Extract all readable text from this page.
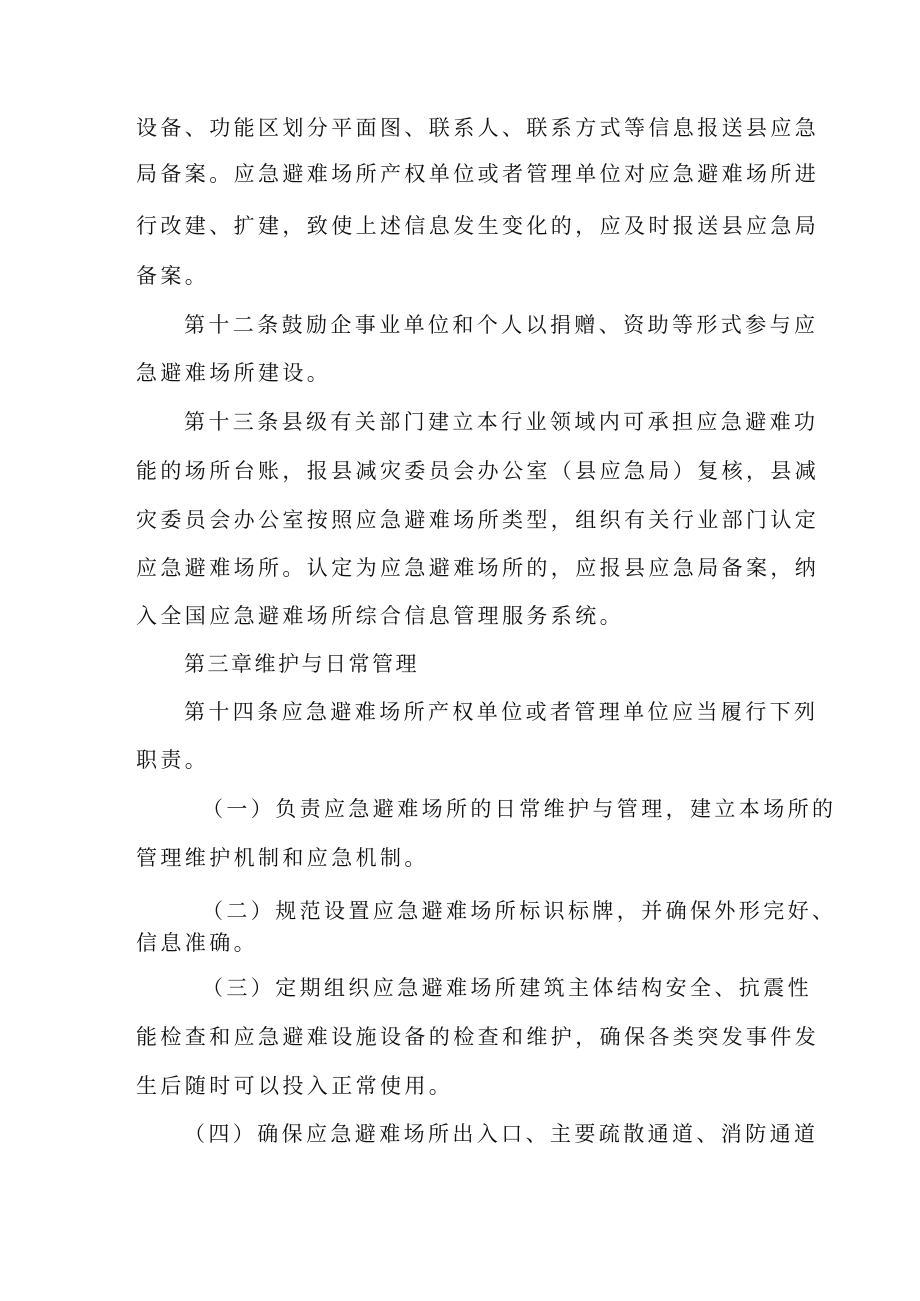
设备、功能区划分平面图、联系人、联系方式等信息报送县应急
局备案。应急避难场所产权单位或者管理单位对应急避难场所进
行改建、扩建，致使上述信息发生变化的，应及时报送县应急局
备案。
第十二条鼓励企事业单位和个人以捐赠、资助等形式参与应
急避难场所建设。
第十三条县级有关部门建立本行业领域内可承担应急避难功
能的场所台账，报县减灾委员会办公室（县应急局）复核，县减
灾委员会办公室按照应急避难场所类型，组织有关行业部门认定
应急避难场所。认定为应急避难场所的，应报县应急局备案，纳
入全国应急避难场所综合信息管理服务系统。
第三章维护与日常管理
第十四条应急避难场所产权单位或者管理单位应当履行下列
职责。
（一）负责应急避难场所的日常维护与管理，建立本场所的
管理维护机制和应急机制。
（二）规范设置应急避难场所标识标牌，并确保外形完好、
信息准确。
（三）定期组织应急避难场所建筑主体结构安全、抗震性
能检查和应急避难设施设备的检查和维护，确保各类突发事件发
生后随时可以投入正常使用。
（四）确保应急避难场所出入口、主要疏散通道、消防通道
